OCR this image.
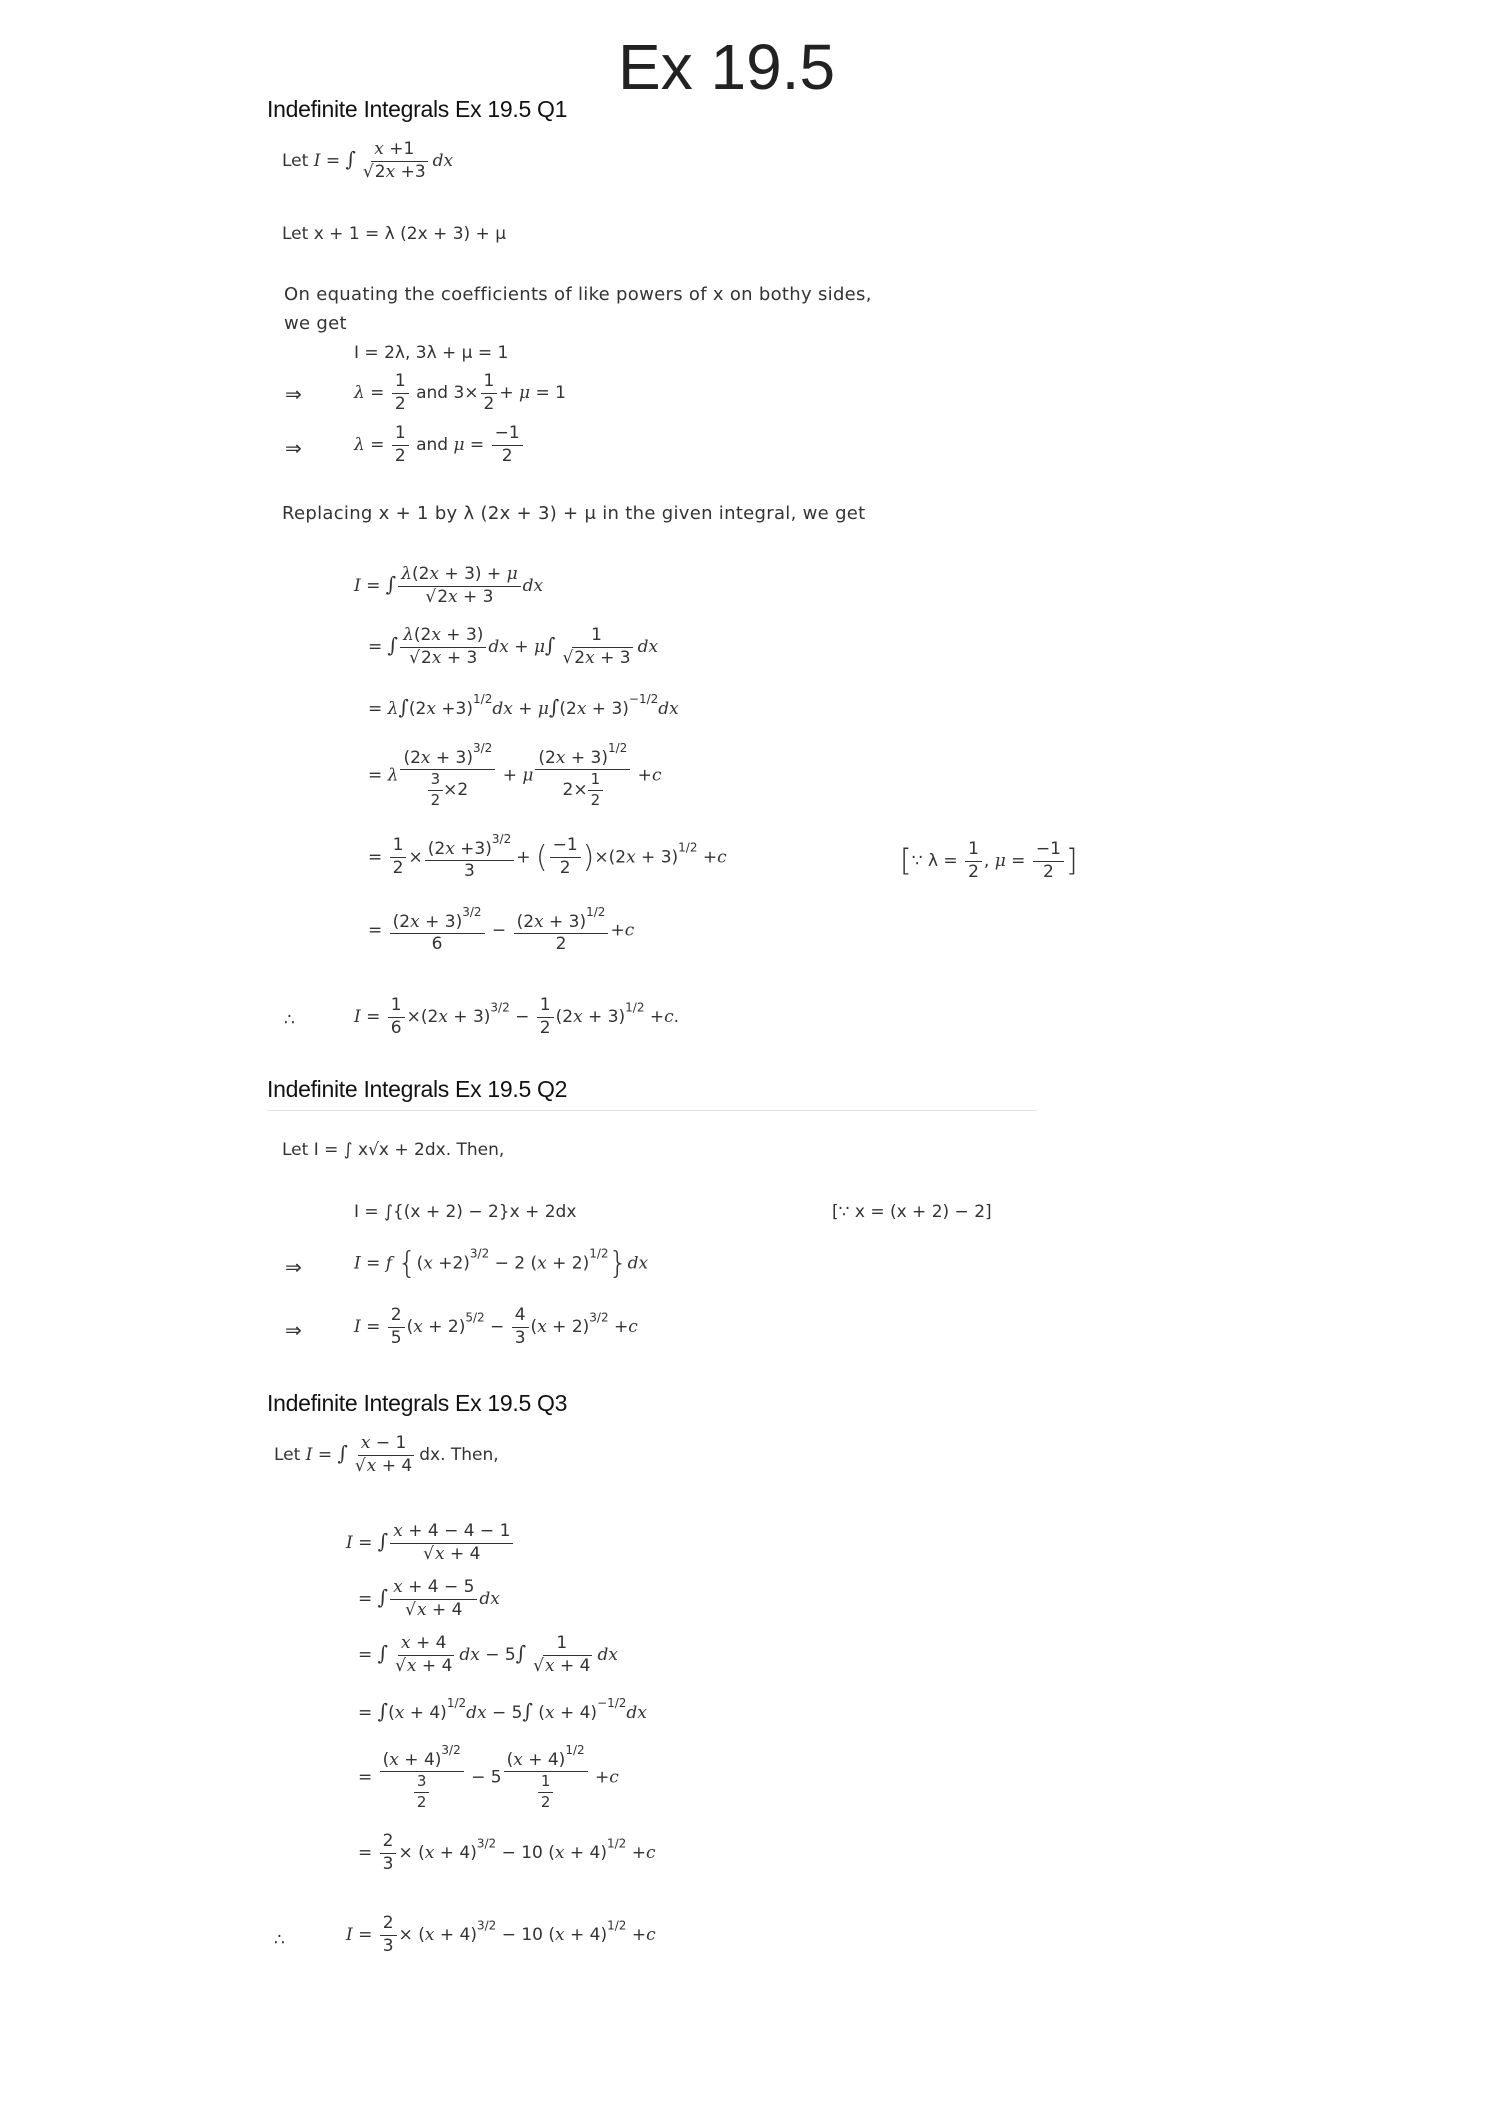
Ex 19.5
Indefinite Integrals Ex 19.5 Q1
Let I = ∫ x +1
√ 2x +3 dx
Let x + 1 = λ (2x + 3) + μ
On equating the coefficients of like powers of x on bothy sides,
we get
I = 2λ, 3λ + μ = 1
⇒	$\lambda = \frac{1}{2}$ and $3\times \frac{1}{2} + \mu = 1$
⇒	$\lambda = \frac{1}{2}$ and $\mu = \frac{-1}{2}$
Replacing x + 1 by λ (2x + 3) + μ in the given integral, we get
I = ∫ λ(2x + 3) + μ
√ 2x + 3 dx
= ∫ λ(2x + 3)
√ 2x + 3 dx + μ∫ 1
√ 2x + 3 dx
= $\lambda\int(2x +3)^{1/2}dx + \mu\int(2x + 3)^{-1/2}dx$
= λ $\frac{(2x + 3)^{3/2}}{\frac{3}{2} \times 2} + \mu \frac{(2x + 3)^{1/2}}{2\times \frac{1}{2}} +c$
= $\frac{1}{2} \times \frac{(2x +3)^{3/2}}{3}$ + ( $\frac{-1}{2} )\times(2x + 3)^{1/2} +c$	[∵ $\lambda = \frac{1}{2}$ , $\mu = \frac{-1}{2}$ ]
= $\frac{(2x + 3)^{3/2}}{6} - \frac{(2x + 3)^{1/2}}{2} +c$
∴	$I = \frac{1}{6} \times(2x + 3)^{3/2} - \frac{1}{2} (2x + 3)^{1/2} +c$.
Indefinite Integrals Ex 19.5 Q2
Let I = ∫ x√x + 2dx. Then,
I = ∫{(x + 2) − 2}x + 2dx	[∵ x = (x + 2) − 2]
⇒	I = f {$(x +2)^{3/2} - 2$ $(x + 2)^{1/2}\}dx$
⇒	$I = \frac{2}{5} (x + 2)^{5/2} - \frac{4}{3} (x + 2)^{3/2} +c$
Indefinite Integrals Ex 19.5 Q3
Let I = ∫ x − 1
√ x + 4 dx. Then,
I = ∫ x + 4 − 4 − 1
√ x + 4
= ∫ x + 4 − 5
√ x + 4 dx
= ∫ x + 4
√ x + 4 dx − 5∫ 1
√ x + 4 dx
= $\int(x + 4)^{1/2}dx - 5\int$ $(x + 4)^{-1/2}dx$
= $\frac{(x + 4)^{3/2}}{\frac{3}{2}} - 5 \frac{(x + 4)^{1/2}}{\frac{1}{2}} +c$
= $\frac{2}{3} \times (x + 4)^{3/2} - 10$ $(x + 4)^{1/2} +c$
∴	$I = \frac{2}{3} \times (x + 4)^{3/2} - 10$ $(x + 4)^{1/2} +c$
